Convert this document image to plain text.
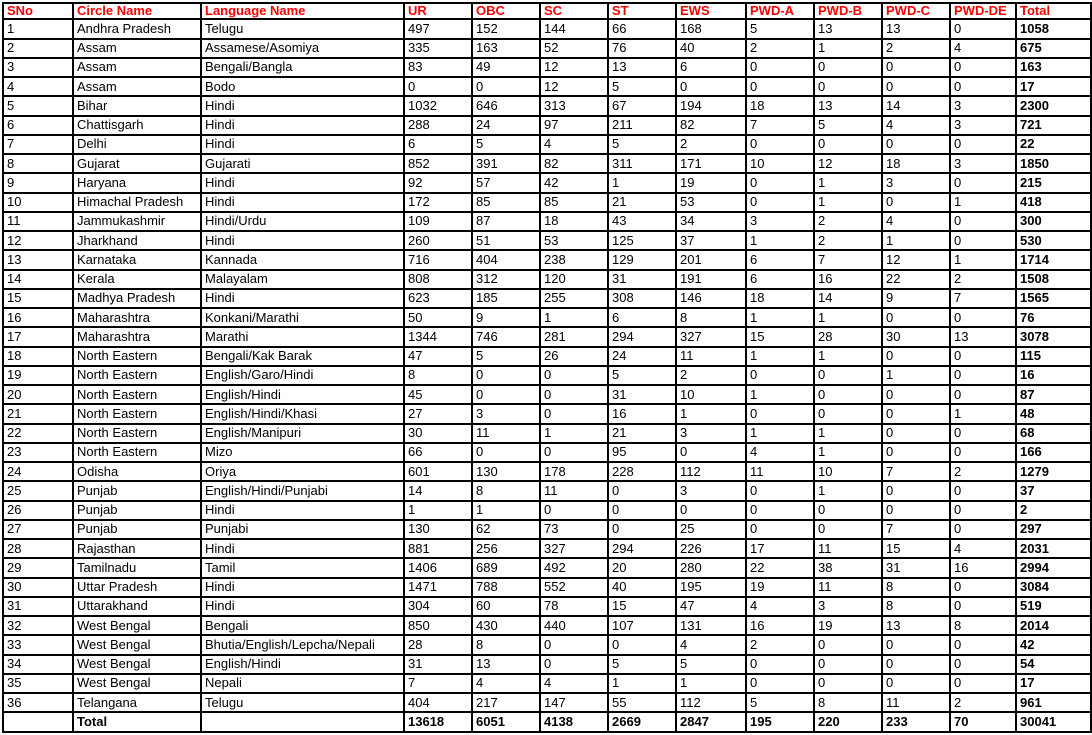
SNo	Circle Name	Language Name	UR	OBC	SC	ST	EWS	PWD-A	PWD-B	PWD-C	PWD-DE	Total
1	Andhra Pradesh	Telugu	497	152	144	66	168	5	13	13	0	1058
2	Assam	Assamese/Asomiya	335	163	52	76	40	2	1	2	4	675
3	Assam	Bengali/Bangla	83	49	12	13	6	0	0	0	0	163
4	Assam	Bodo	0	0	12	5	0	0	0	0	0	17
5	Bihar	Hindi	1032	646	313	67	194	18	13	14	3	2300
6	Chattisgarh	Hindi	288	24	97	211	82	7	5	4	3	721
7	Delhi	Hindi	6	5	4	5	2	0	0	0	0	22
8	Gujarat	Gujarati	852	391	82	311	171	10	12	18	3	1850
9	Haryana	Hindi	92	57	42	1	19	0	1	3	0	215
10	Himachal Pradesh	Hindi	172	85	85	21	53	0	1	0	1	418
11	Jammukashmir	Hindi/Urdu	109	87	18	43	34	3	2	4	0	300
12	Jharkhand	Hindi	260	51	53	125	37	1	2	1	0	530
13	Karnataka	Kannada	716	404	238	129	201	6	7	12	1	1714
14	Kerala	Malayalam	808	312	120	31	191	6	16	22	2	1508
15	Madhya Pradesh	Hindi	623	185	255	308	146	18	14	9	7	1565
16	Maharashtra	Konkani/Marathi	50	9	1	6	8	1	1	0	0	76
17	Maharashtra	Marathi	1344	746	281	294	327	15	28	30	13	3078
18	North Eastern	Bengali/Kak Barak	47	5	26	24	11	1	1	0	0	115
19	North Eastern	English/Garo/Hindi	8	0	0	5	2	0	0	1	0	16
20	North Eastern	English/Hindi	45	0	0	31	10	1	0	0	0	87
21	North Eastern	English/Hindi/Khasi	27	3	0	16	1	0	0	0	1	48
22	North Eastern	English/Manipuri	30	11	1	21	3	1	1	0	0	68
23	North Eastern	Mizo	66	0	0	95	0	4	1	0	0	166
24	Odisha	Oriya	601	130	178	228	112	11	10	7	2	1279
25	Punjab	English/Hindi/Punjabi	14	8	11	0	3	0	1	0	0	37
26	Punjab	Hindi	1	1	0	0	0	0	0	0	0	2
27	Punjab	Punjabi	130	62	73	0	25	0	0	7	0	297
28	Rajasthan	Hindi	881	256	327	294	226	17	11	15	4	2031
29	Tamilnadu	Tamil	1406	689	492	20	280	22	38	31	16	2994
30	Uttar Pradesh	Hindi	1471	788	552	40	195	19	11	8	0	3084
31	Uttarakhand	Hindi	304	60	78	15	47	4	3	8	0	519
32	West Bengal	Bengali	850	430	440	107	131	16	19	13	8	2014
33	West Bengal	Bhutia/English/Lepcha/Nepali	28	8	0	0	4	2	0	0	0	42
34	West Bengal	English/Hindi	31	13	0	5	5	0	0	0	0	54
35	West Bengal	Nepali	7	4	4	1	1	0	0	0	0	17
36	Telangana	Telugu	404	217	147	55	112	5	8	11	2	961
	Total		13618	6051	4138	2669	2847	195	220	233	70	30041
